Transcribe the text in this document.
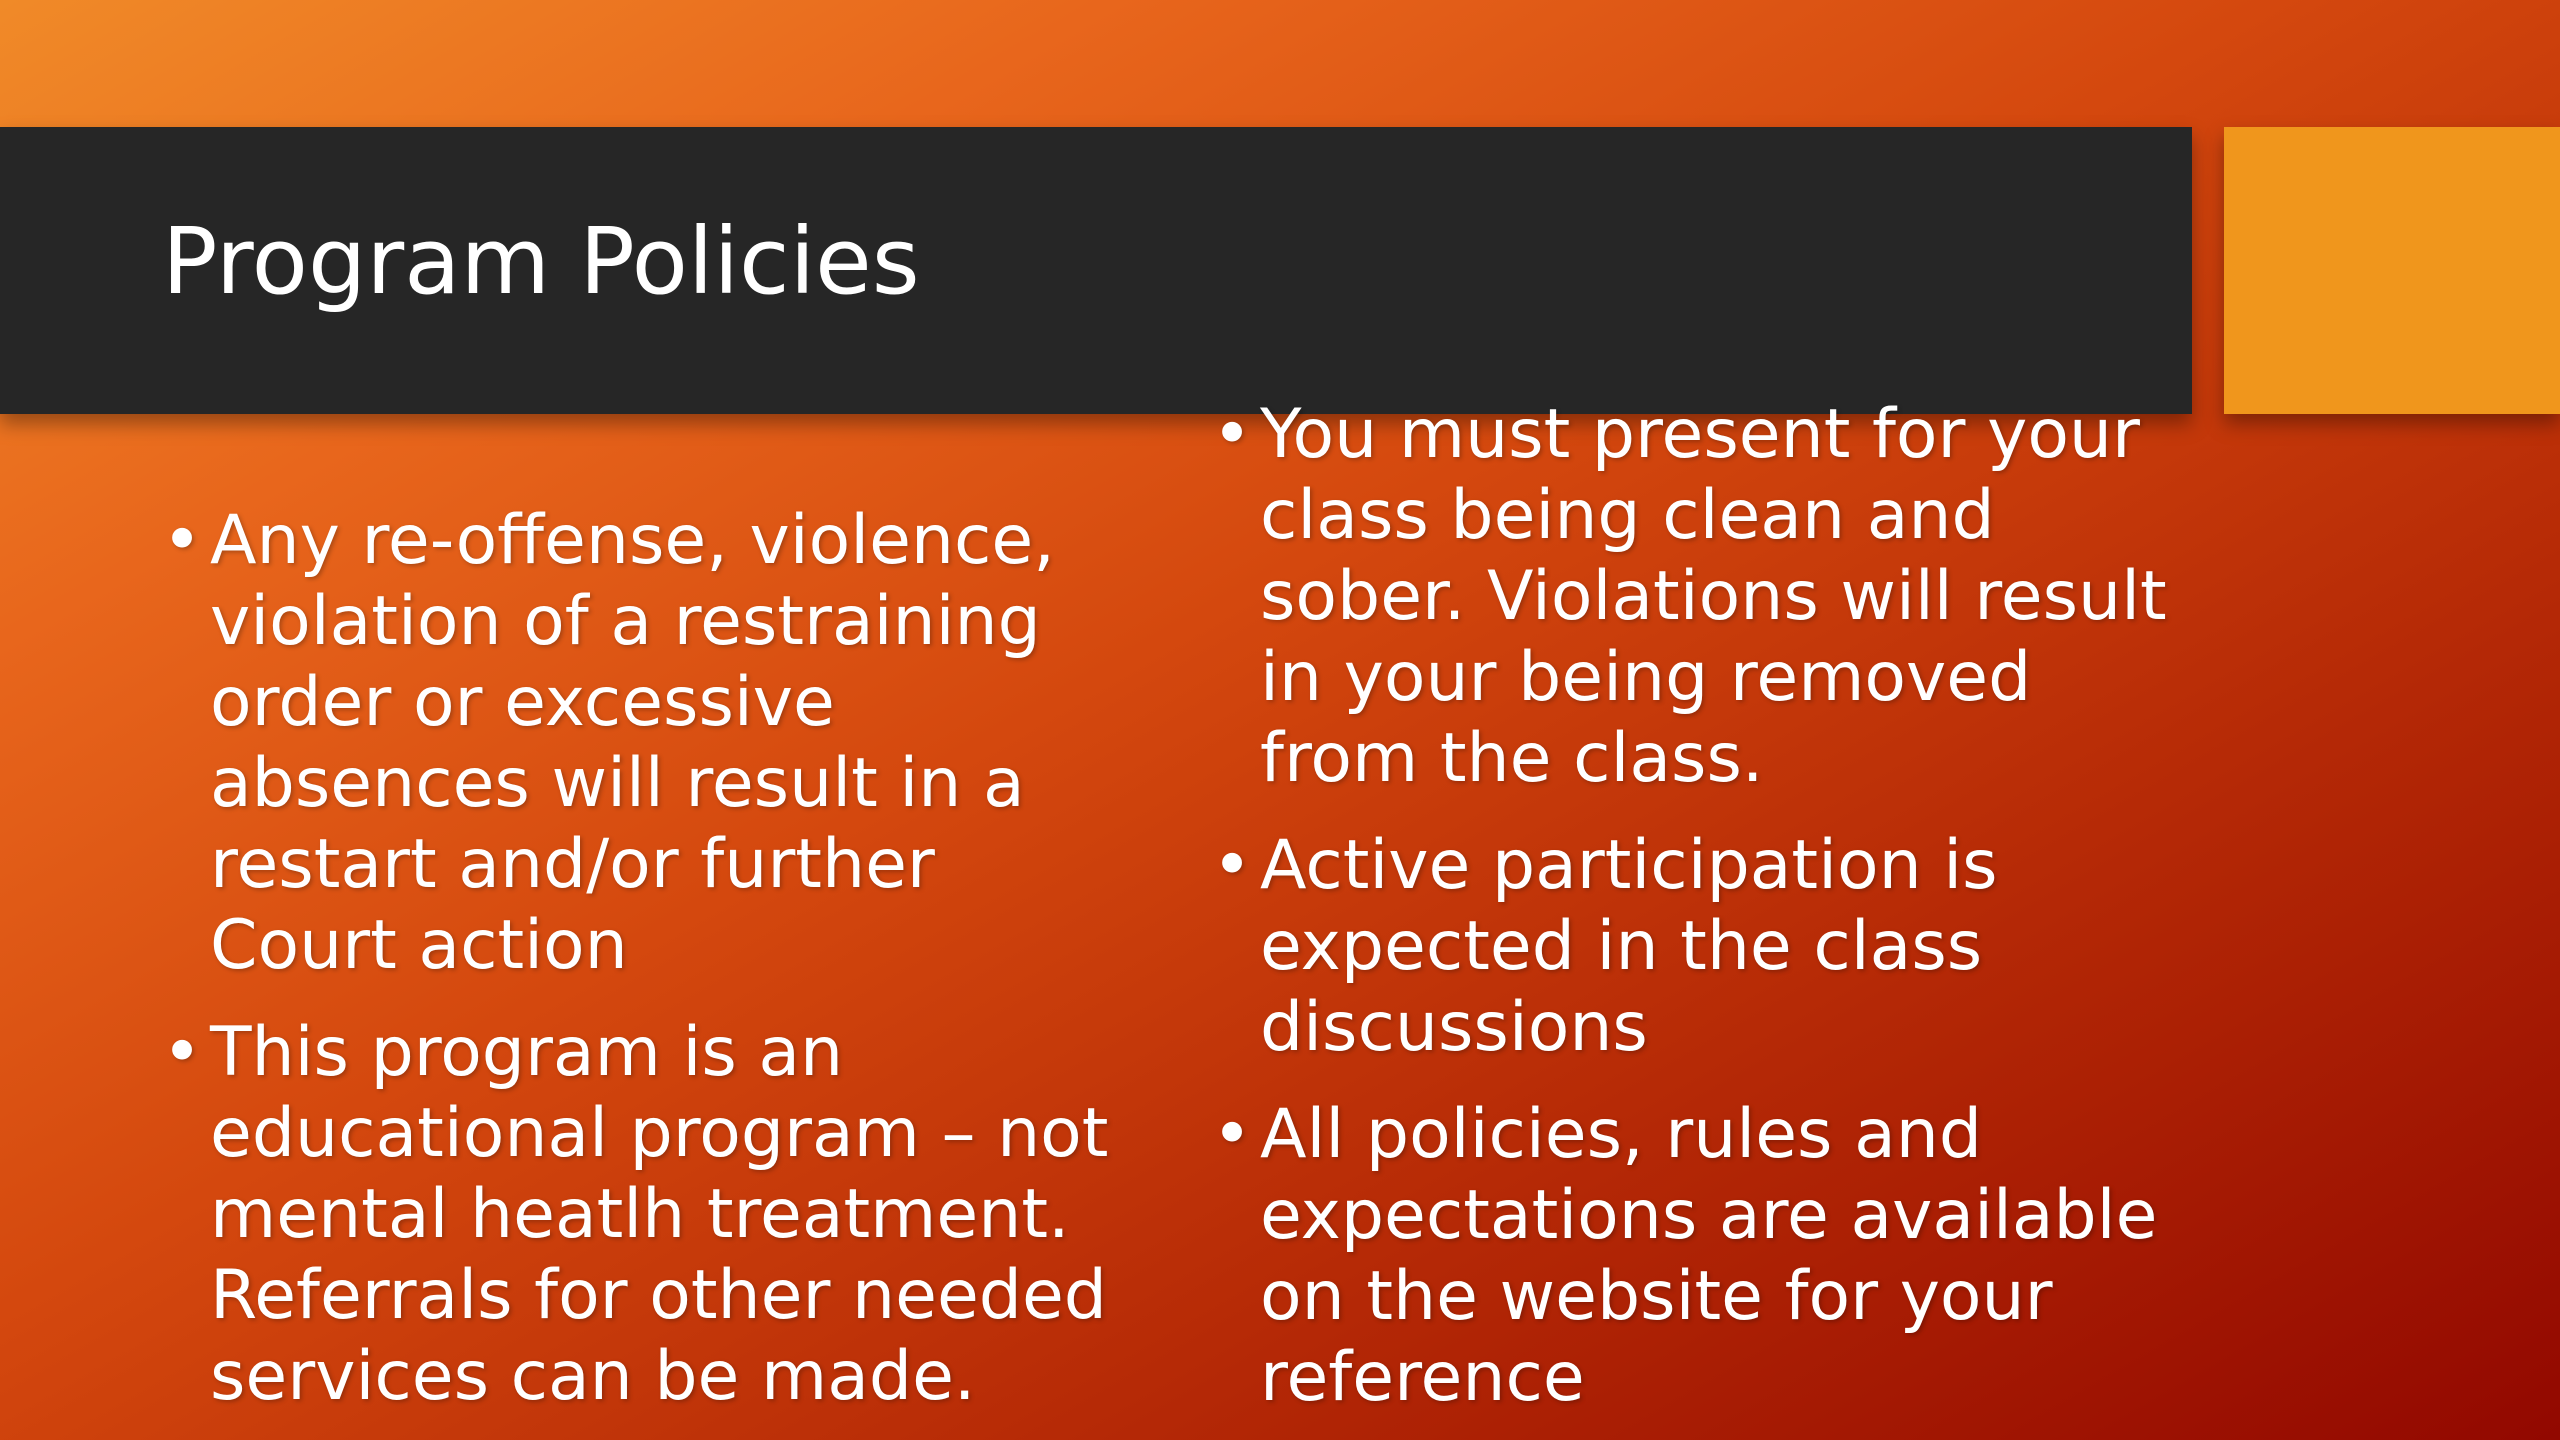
Program Policies
• Any re-offense, violence, violation of a restraining order or excessive absences will result in a restart and/or further Court action
• This program is an educational program – not mental heatlh treatment. Referrals for other needed services can be made.
• You must present for your class being clean and sober. Violations will result in your being removed from the class.
• Active participation is expected in the class discussions
• All policies, rules and expectations are available on the website for your reference
